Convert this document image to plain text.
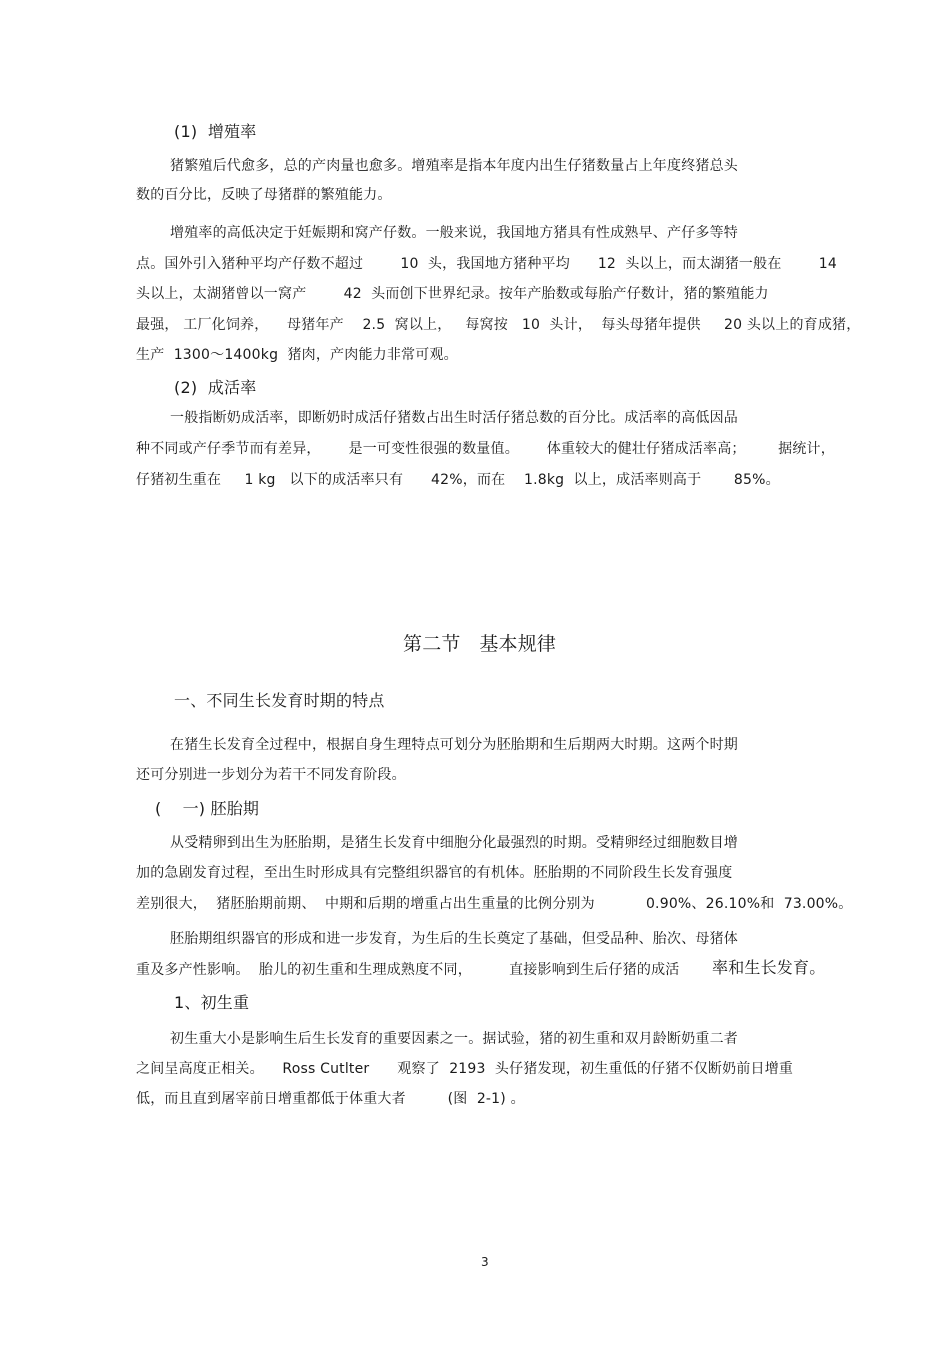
(1)  增殖率
猪繁殖后代愈多，总的产肉量也愈多。增殖率是指本年度内出生仔猪数量占上年度终猪总头
数的百分比，反映了母猪群的繁殖能力。
增殖率的高低决定于妊娠期和窝产仔数。一般来说，我国地方猪具有性成熟早、产仔多等特
点。国外引入猪种平均产仔数不超过        10  头，我国地方猪种平均      12  头以上，而太湖猪一般在        14
头以上，太湖猪曾以一窝产        42  头而创下世界纪录。按年产胎数或每胎产仔数计，猪的繁殖能力
最强， 工厂化饲养，    母猪年产    2.5  窝以上，   每窝按   10  头计，  每头母猪年提供     20 头以上的育成猪，
生产  1300～1400kg  猪肉，产肉能力非常可观。
(2)  成活率
一般指断奶成活率，即断奶时成活仔猪数占出生时活仔猪总数的百分比。成活率的高低因品
种不同或产仔季节而有差异，      是一可变性很强的数量值。      体重较大的健壮仔猪成活率高；       据统计，
仔猪初生重在     1 kg   以下的成活率只有      42%，而在    1.8kg  以上，成活率则高于       85%。
第二节   基本规律
一、不同生长发育时期的特点
在猪生长发育全过程中，根据自身生理特点可划分为胚胎期和生后期两大时期。这两个时期
还可分别进一步划分为若干不同发育阶段。
(    一) 胚胎期
从受精卵到出生为胚胎期，是猪生长发育中细胞分化最强烈的时期。受精卵经过细胞数目增
加的急剧发育过程，至出生时形成具有完整组织器官的有机体。胚胎期的不同阶段生长发育强度
差别很大，  猪胚胎期前期、  中期和后期的增重占出生重量的比例分别为           0.90%、26.10%和  73.00%。
胚胎期组织器官的形成和进一步发育，为生后的生长奠定了基础，但受品种、胎次、母猪体
重及多产性影响。  胎儿的初生重和生理成熟度不同，        直接影响到生后仔猪的成活 率和生长发育。
1、初生重
初生重大小是影响生后生长发育的重要因素之一。据试验，猪的初生重和双月龄断奶重二者
之间呈高度正相关。    Ross Cutlter      观察了  2193  头仔猪发现，初生重低的仔猪不仅断奶前日增重
低，而且直到屠宰前日增重都低于体重大者         (图  2-1) 。
3
